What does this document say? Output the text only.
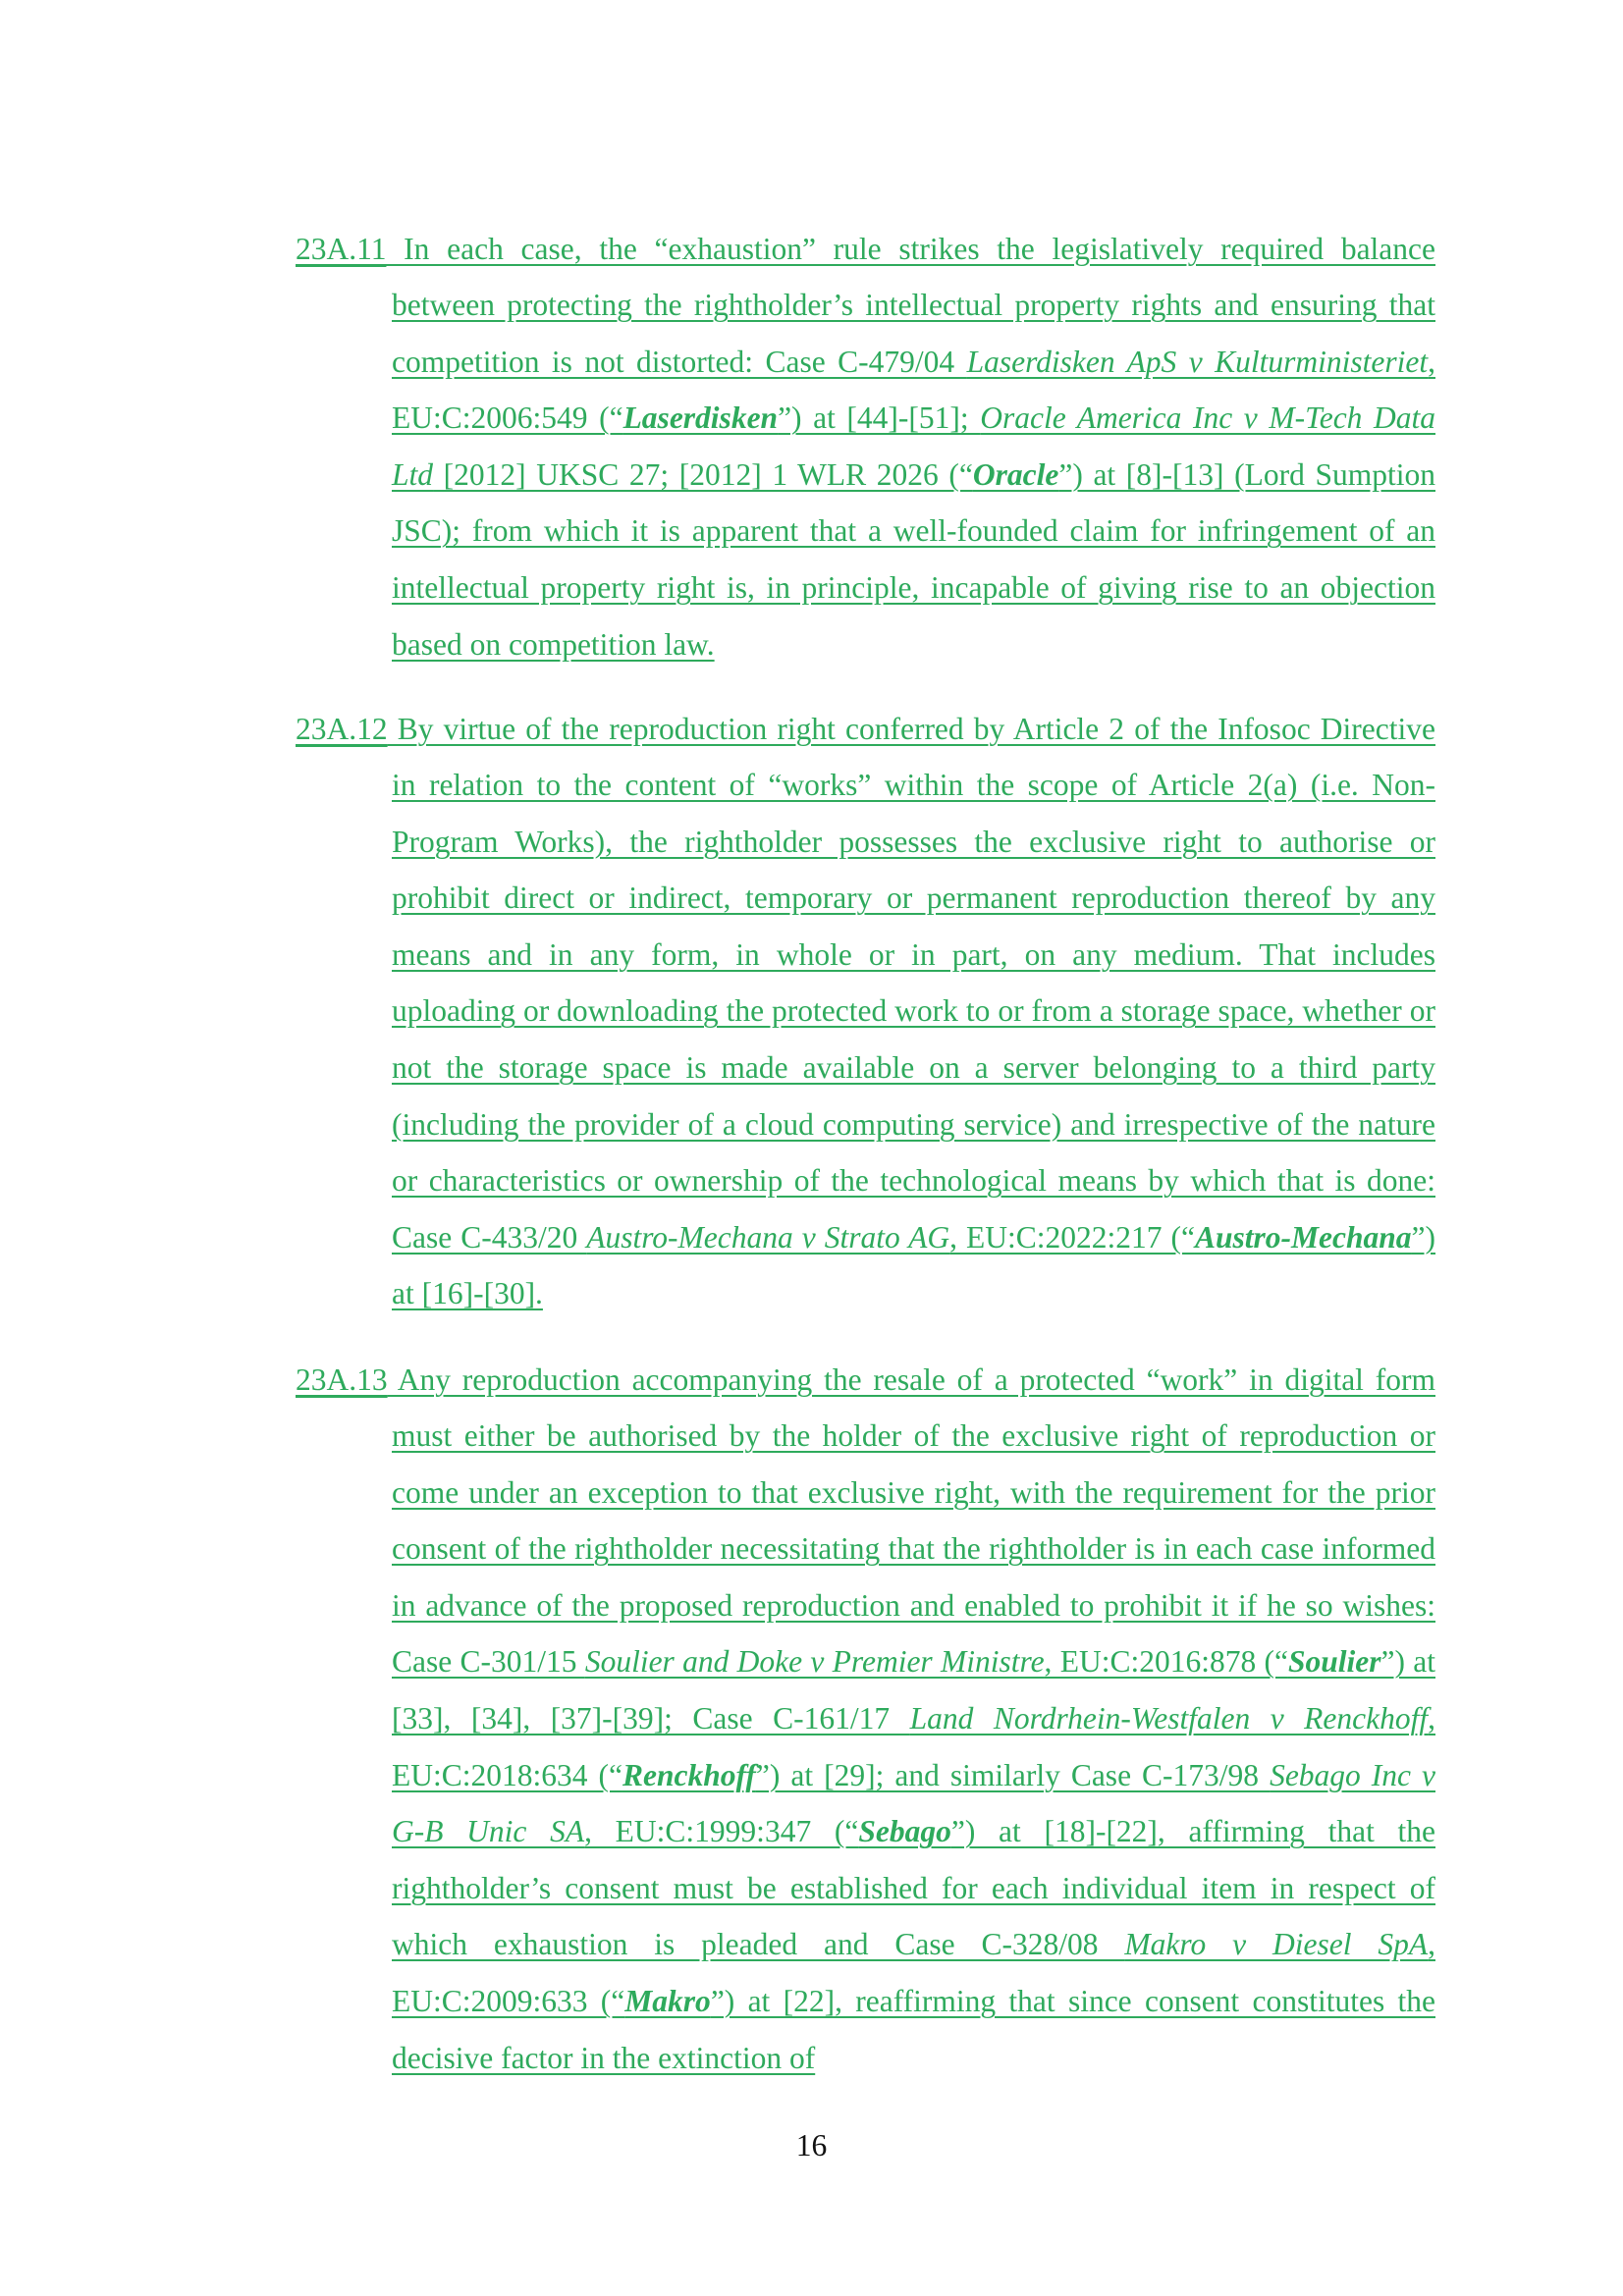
23A.11 In each case, the “exhaustion” rule strikes the legislatively required balance between protecting the rightholder’s intellectual property rights and ensuring that competition is not distorted: Case C-479/04 Laserdisken ApS v Kulturministeriet, EU:C:2006:549 (“Laserdisken”) at [44]-[51]; Oracle America Inc v M-Tech Data Ltd [2012] UKSC 27; [2012] 1 WLR 2026 (“Oracle”) at [8]-[13] (Lord Sumption JSC); from which it is apparent that a well-founded claim for infringement of an intellectual property right is, in principle, incapable of giving rise to an objection based on competition law.

23A.12 By virtue of the reproduction right conferred by Article 2 of the Infosoc Directive in relation to the content of “works” within the scope of Article 2(a) (i.e. Non-Program Works), the rightholder possesses the exclusive right to authorise or prohibit direct or indirect, temporary or permanent reproduction thereof by any means and in any form, in whole or in part, on any medium. That includes uploading or downloading the protected work to or from a storage space, whether or not the storage space is made available on a server belonging to a third party (including the provider of a cloud computing service) and irrespective of the nature or characteristics or ownership of the technological means by which that is done: Case C-433/20 Austro-Mechana v Strato AG, EU:C:2022:217 (“Austro-Mechana”) at [16]-[30].

23A.13 Any reproduction accompanying the resale of a protected “work” in digital form must either be authorised by the holder of the exclusive right of reproduction or come under an exception to that exclusive right, with the requirement for the prior consent of the rightholder necessitating that the rightholder is in each case informed in advance of the proposed reproduction and enabled to prohibit it if he so wishes: Case C-301/15 Soulier and Doke v Premier Ministre, EU:C:2016:878 (“Soulier”) at [33], [34], [37]-[39]; Case C-161/17 Land Nordrhein-Westfalen v Renckhoff, EU:C:2018:634 (“Renckhoff”) at [29]; and similarly Case C-173/98 Sebago Inc v G-B Unic SA, EU:C:1999:347 (“Sebago”) at [18]-[22], affirming that the rightholder’s consent must be established for each individual item in respect of which exhaustion is pleaded and Case C-328/08 Makro v Diesel SpA, EU:C:2009:633 (“Makro”) at [22], reaffirming that since consent constitutes the decisive factor in the extinction of

16
